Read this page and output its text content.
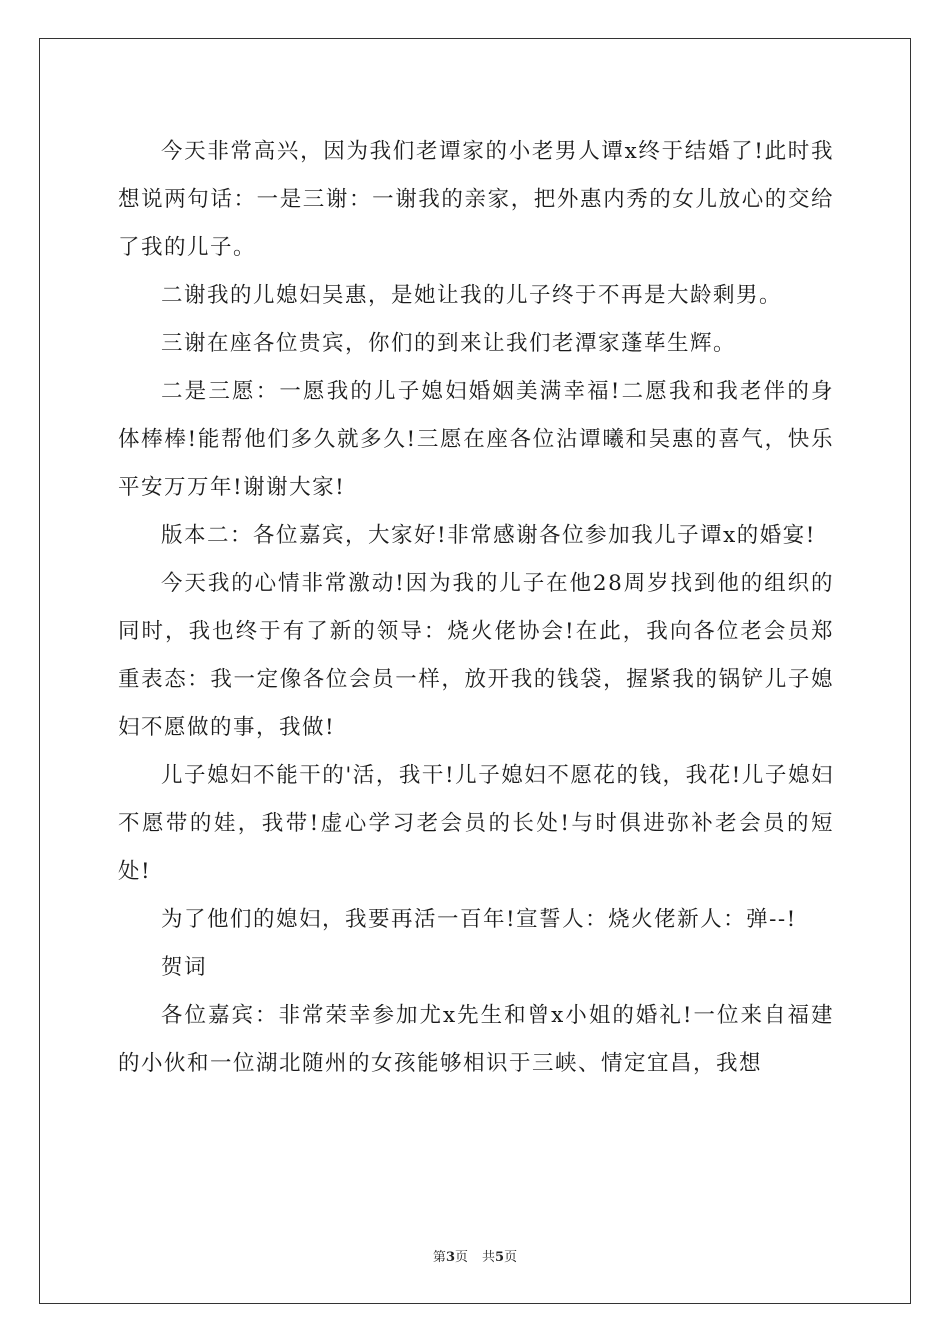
今天非常高兴，因为我们老谭家的小老男人谭x终于结婚了!此时我想说两句话：一是三谢：一谢我的亲家，把外惠内秀的女儿放心的交给了我的儿子。

二谢我的儿媳妇吴惠，是她让我的儿子终于不再是大龄剩男。

三谢在座各位贵宾，你们的到来让我们老潭家蓬荜生辉。

二是三愿：一愿我的儿子媳妇婚姻美满幸福!二愿我和我老伴的身体棒棒!能帮他们多久就多久!三愿在座各位沾谭曦和吴惠的喜气，快乐平安万万年!谢谢大家!

版本二：各位嘉宾，大家好!非常感谢各位参加我儿子谭x的婚宴!

今天我的心情非常激动!因为我的儿子在他28周岁找到他的组织的同时，我也终于有了新的领导：烧火佬协会!在此，我向各位老会员郑重表态：我一定像各位会员一样，放开我的钱袋，握紧我的锅铲儿子媳妇不愿做的事，我做!

儿子媳妇不能干的'活，我干!儿子媳妇不愿花的钱，我花!儿子媳妇不愿带的娃，我带!虚心学习老会员的长处!与时俱进弥补老会员的短处!

为了他们的媳妇，我要再活一百年!宣誓人：烧火佬新人：弹--!

贺词

各位嘉宾：非常荣幸参加尤x先生和曾x小姐的婚礼!一位来自福建的小伙和一位湖北随州的女孩能够相识于三峡、情定宜昌，我想

第3页 共5页
